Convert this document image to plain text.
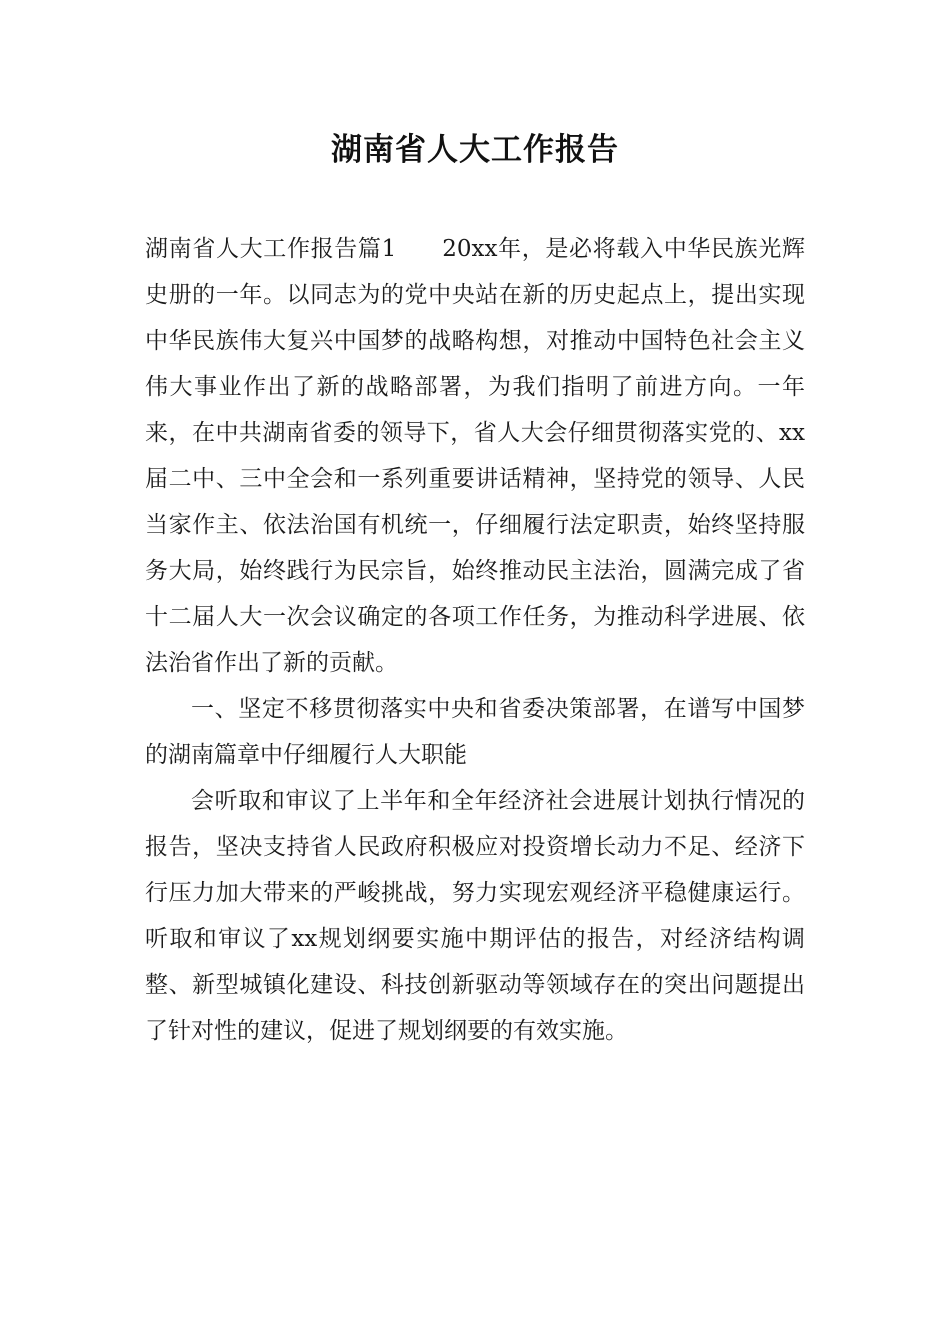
湖南省人大工作报告

湖南省人大工作报告篇1 20xx年，是必将载入中华民族光辉史册的一年。以同志为的党中央站在新的历史起点上，提出实现中华民族伟大复兴中国梦的战略构想，对推动中国特色社会主义伟大事业作出了新的战略部署，为我们指明了前进方向。一年来，在中共湖南省委的领导下，省人大会仔细贯彻落实党的、xx届二中、三中全会和一系列重要讲话精神，坚持党的领导、人民当家作主、依法治国有机统一，仔细履行法定职责，始终坚持服务大局，始终践行为民宗旨，始终推动民主法治，圆满完成了省十二届人大一次会议确定的各项工作任务，为推动科学进展、依法治省作出了新的贡献。

一、坚定不移贯彻落实中央和省委决策部署，在谱写中国梦的湖南篇章中仔细履行人大职能

会听取和审议了上半年和全年经济社会进展计划执行情况的报告，坚决支持省人民政府积极应对投资增长动力不足、经济下行压力加大带来的严峻挑战，努力实现宏观经济平稳健康运行。听取和审议了xx规划纲要实施中期评估的报告，对经济结构调整、新型城镇化建设、科技创新驱动等领域存在的突出问题提出了针对性的建议，促进了规划纲要的有效实施。
